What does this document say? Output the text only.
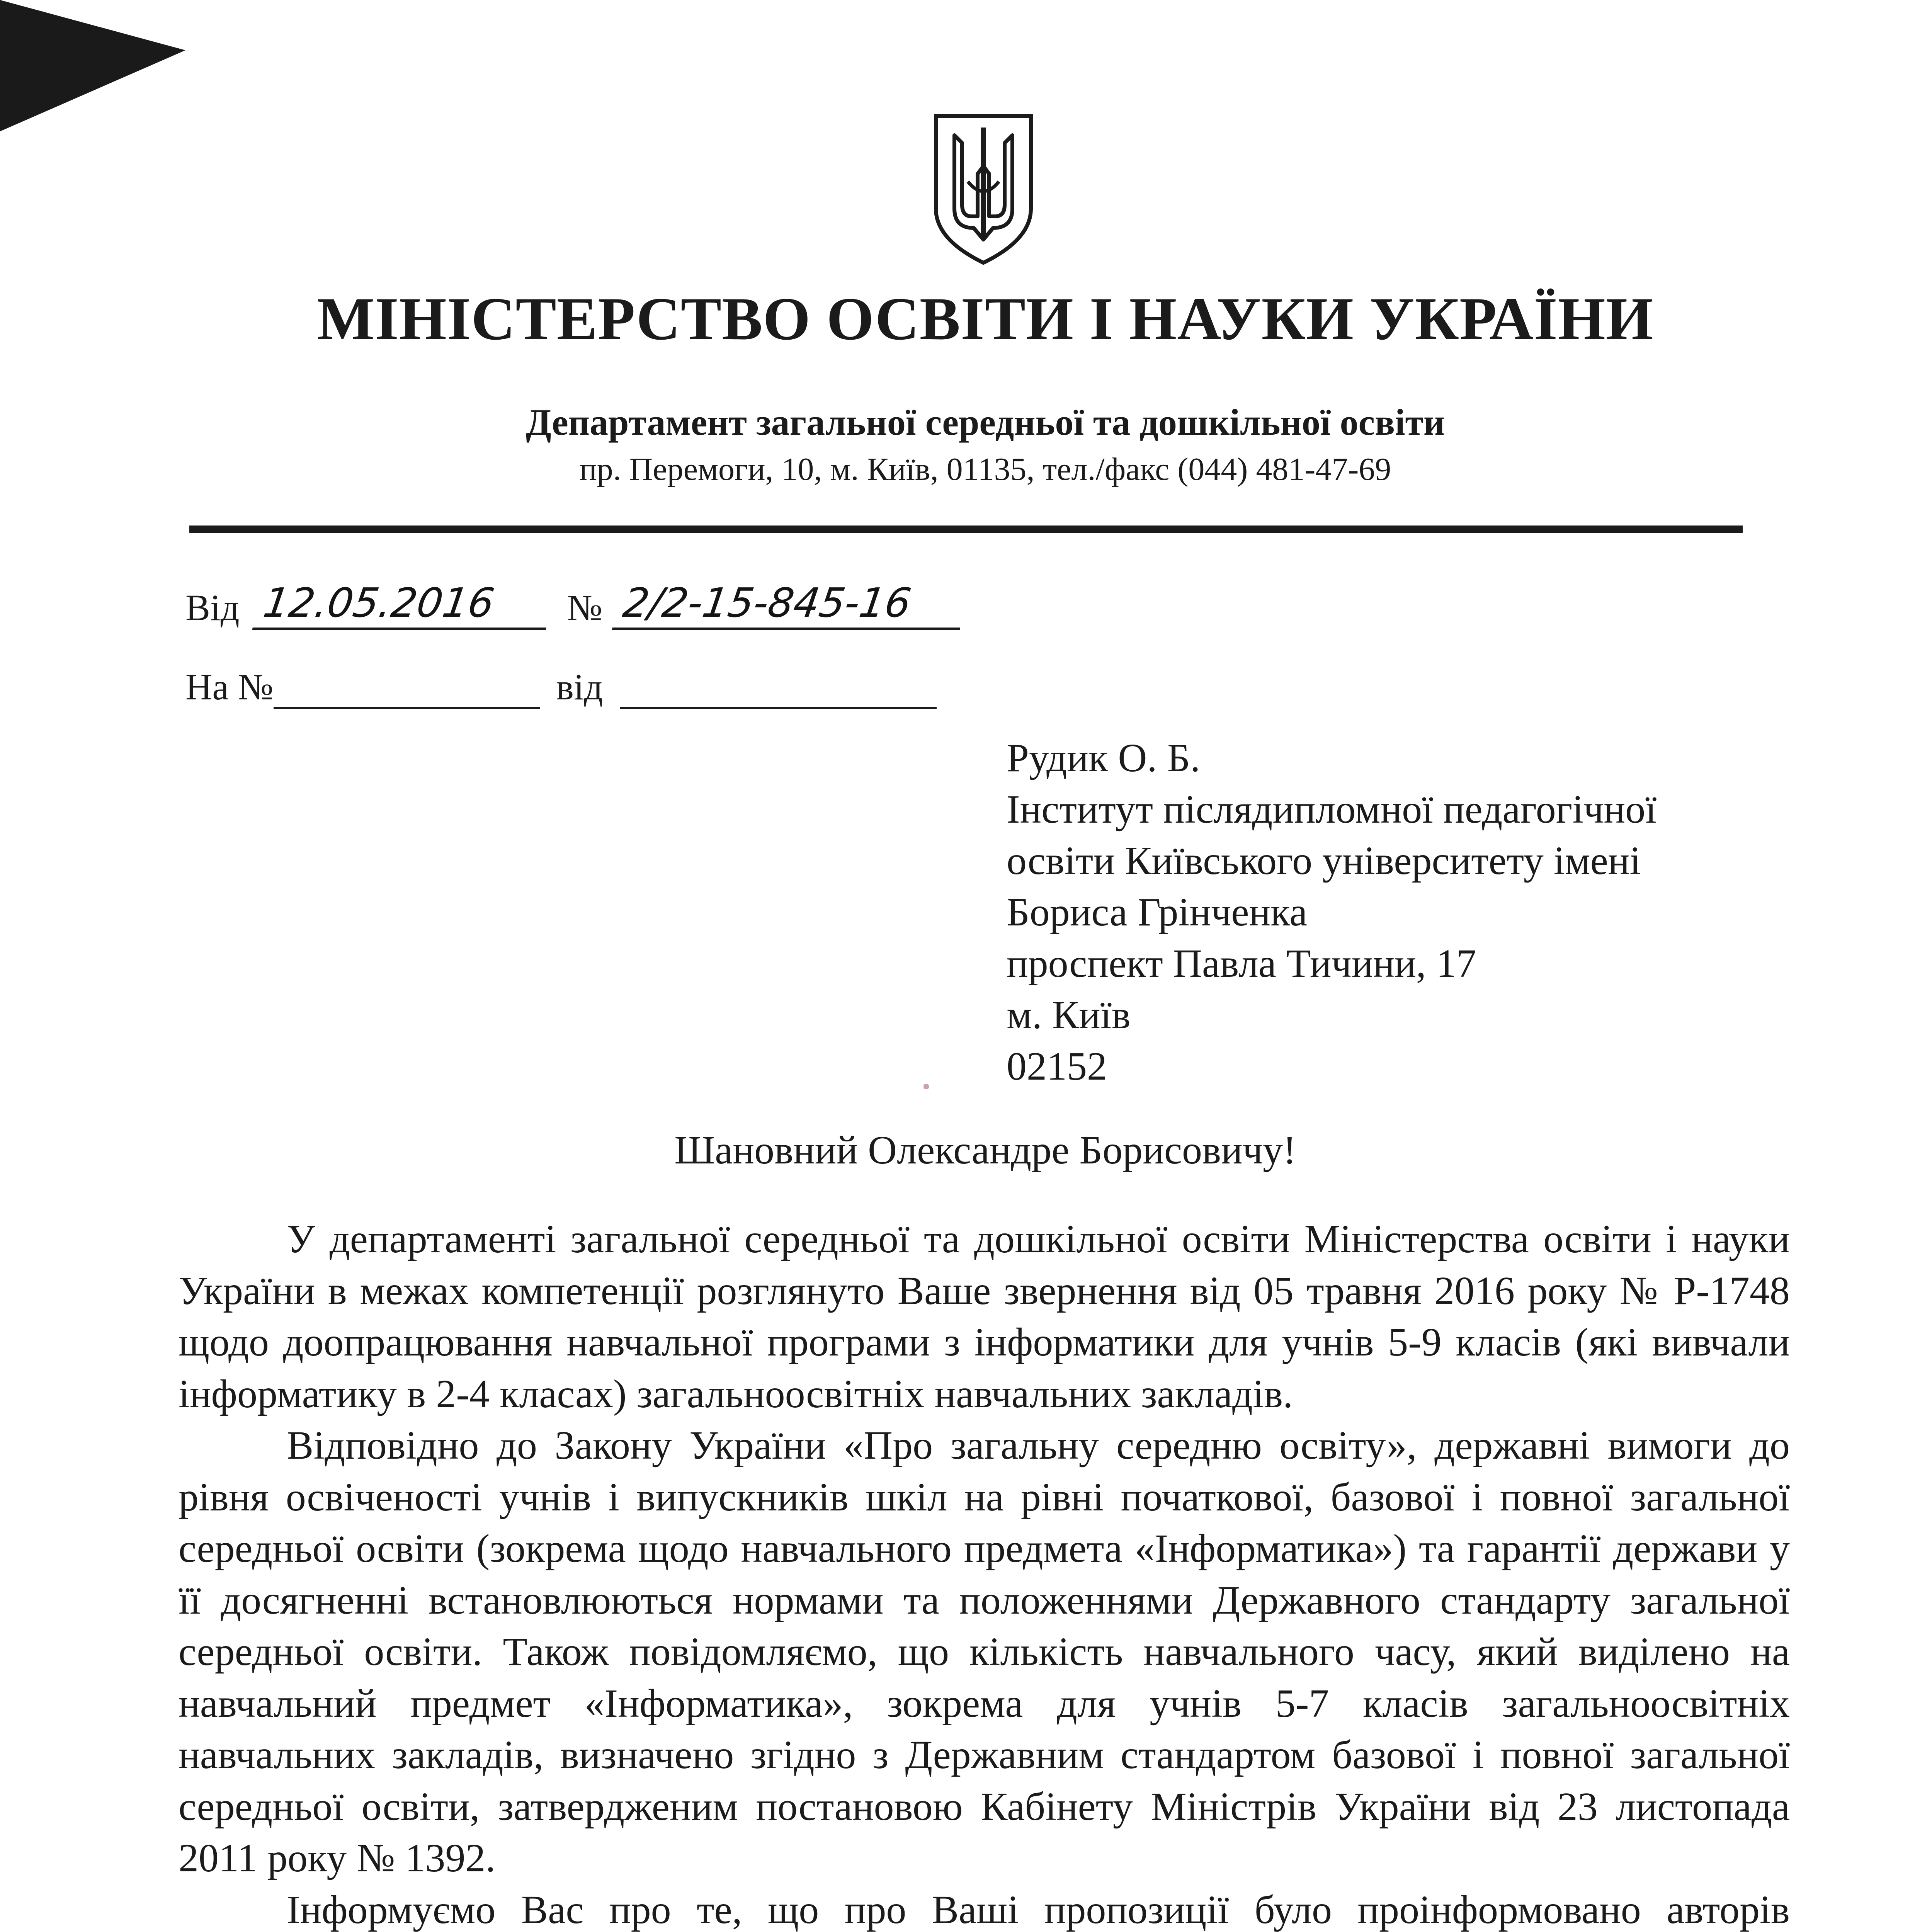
МІНІСТЕРСТВО ОСВІТИ І НАУКИ УКРАЇНИ
Департамент загальної середньої та дошкільної освіти
пр. Перемоги, 10, м. Київ, 01135, тел./факс (044) 481-47-69
Від 12.05.2016 № 2/2-15-845-16
На №	від
Рудик О. Б.
Інститут післядипломної педагогічної
освіти Київського університету імені
Бориса Грінченка
проспект Павла Тичини, 17
м. Київ
02152
Шановний Олександре Борисовичу!

У департаменті загальної середньої та дошкільної освіти Міністерства освіти і науки України в межах компетенції розглянуто Ваше звернення від 05 травня 2016 року № Р-1748 щодо доопрацювання навчальної програми з інформатики для учнів 5-9 класів (які вивчали інформатику в 2-4 класах) загальноосвітніх навчальних закладів.

Відповідно до Закону України «Про загальну середню освіту», державні вимоги до рівня освіченості учнів і випускників шкіл на рівні початкової, базової і повної загальної середньої освіти (зокрема щодо навчального предмета «Інформатика») та гарантії держави у її досягненні встановлюються нормами та положеннями Державного стандарту загальної середньої освіти. Також повідомляємо, що кількість навчального часу, який виділено на навчальний предмет «Інформатика», зокрема для учнів 5-7 класів загальноосвітніх навчальних закладів, визначено згідно з Державним стандартом базової і повної загальної середньої освіти, затвердженим постановою Кабінету Міністрів України від 23 листопада 2011 року № 1392.

Інформуємо Вас про те, що про Ваші пропозиції було проінформовано авторів
